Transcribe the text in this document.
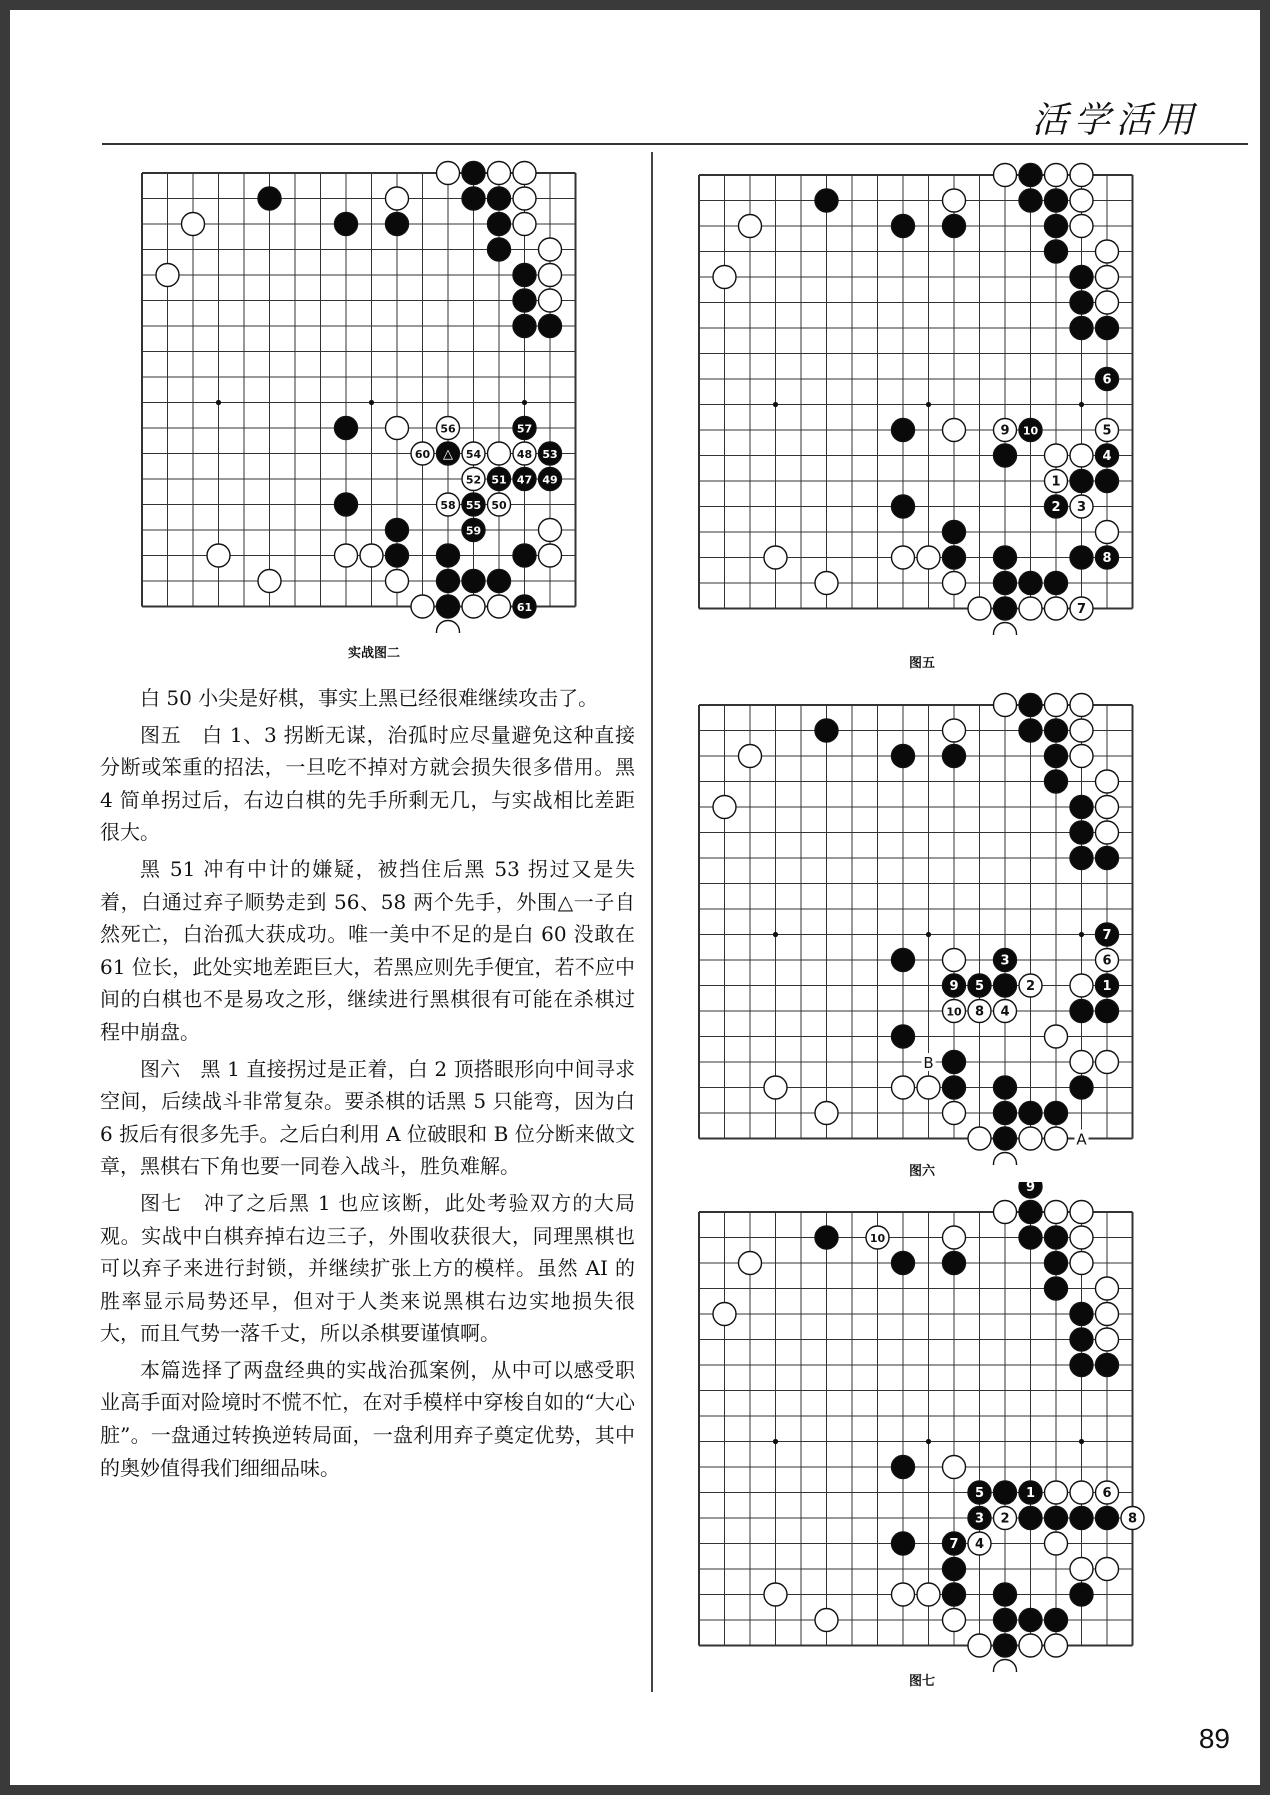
活学活用
56	57
60 △ 54	48 53
52 51 47 49
58 55 50
59
61
实战图二
6
9 10	5
4
1
2 3
8
7
图五
7
3	6
9 5	2	1
10 8 4
B
A
图六
9
10
5	1	6
3 2	8
7 4
图七

白 50 小尖是好棋，事实上黑已经很难继续攻击了。

图五　白 1、3 拐断无谋，治孤时应尽量避免这种直接分断或笨重的招法，一旦吃不掉对方就会损失很多借用。黑 4 简单拐过后，右边白棋的先手所剩无几，与实战相比差距很大。

黑 51 冲有中计的嫌疑，被挡住后黑 53 拐过又是失着，白通过弃子顺势走到 56、58 两个先手，外围△一子自然死亡，白治孤大获成功。唯一美中不足的是白 60 没敢在 61 位长，此处实地差距巨大，若黑应则先手便宜，若不应中间的白棋也不是易攻之形，继续进行黑棋很有可能在杀棋过程中崩盘。

图六　黑 1 直接拐过是正着，白 2 顶搭眼形向中间寻求空间，后续战斗非常复杂。要杀棋的话黑 5 只能弯，因为白 6 扳后有很多先手。之后白利用 A 位破眼和 B 位分断来做文章，黑棋右下角也要一同卷入战斗，胜负难解。

图七　冲了之后黑 1 也应该断，此处考验双方的大局观。实战中白棋弃掉右边三子，外围收获很大，同理黑棋也可以弃子来进行封锁，并继续扩张上方的模样。虽然 AI 的胜率显示局势还早，但对于人类来说黑棋右边实地损失很大，而且气势一落千丈，所以杀棋要谨慎啊。

本篇选择了两盘经典的实战治孤案例，从中可以感受职业高手面对险境时不慌不忙，在对手模样中穿梭自如的“大心脏”。一盘通过转换逆转局面，一盘利用弃子奠定优势，其中的奥妙值得我们细细品味。

89
